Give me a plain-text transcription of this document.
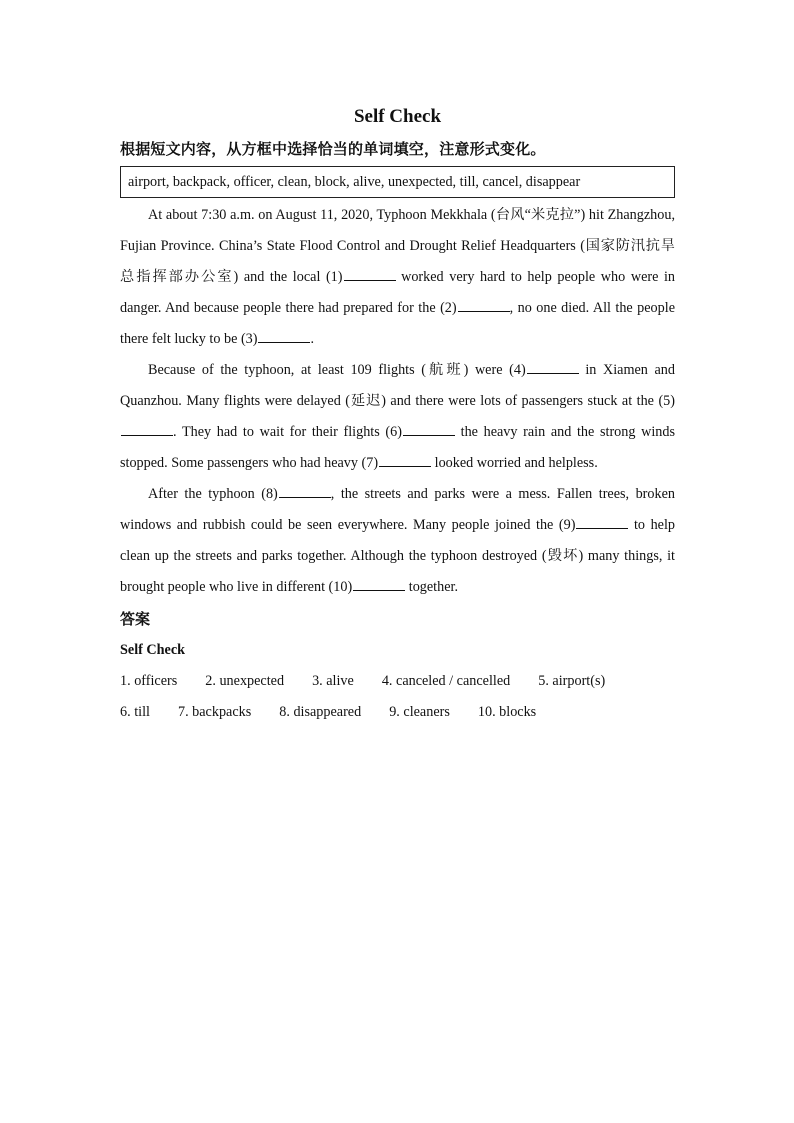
Self Check

根据短文内容，从方框中选择恰当的单词填空，注意形式变化。

airport, backpack, officer, clean, block, alive, unexpected, till, cancel, disappear

At about 7:30 a.m. on August 11, 2020, Typhoon Mekkhala (台风“米克拉”) hit Zhangzhou, Fujian Province. China’s State Flood Control and Drought Relief Headquarters (国家防汛抗旱总指挥部办公室) and the local (1)	worked very hard to help people who were in danger. And because people there had prepared for the (2)	, no one died. All the people there felt lucky to be (3)	.

Because of the typhoon, at least 109 flights (航班) were (4)	in Xiamen and Quanzhou. Many flights were delayed (延迟) and there were lots of passengers stuck at the (5). They had to wait for their flights (6)	the heavy rain and the strong winds stopped. Some passengers who had heavy (7)	looked worried and helpless.

After the typhoon (8)	, the streets and parks were a mess. Fallen trees, broken windows and rubbish could be seen everywhere. Many people joined the (9)	to help clean up the streets and parks together. Although the typhoon destroyed (毁坏) many things, it brought people who live in different (10)	together.

答案

Self Check

1. officers 2. unexpected 3. alive 4. canceled / cancelled 5. airport(s)

6. till 7. backpacks 8. disappeared 9. cleaners 10. blocks
